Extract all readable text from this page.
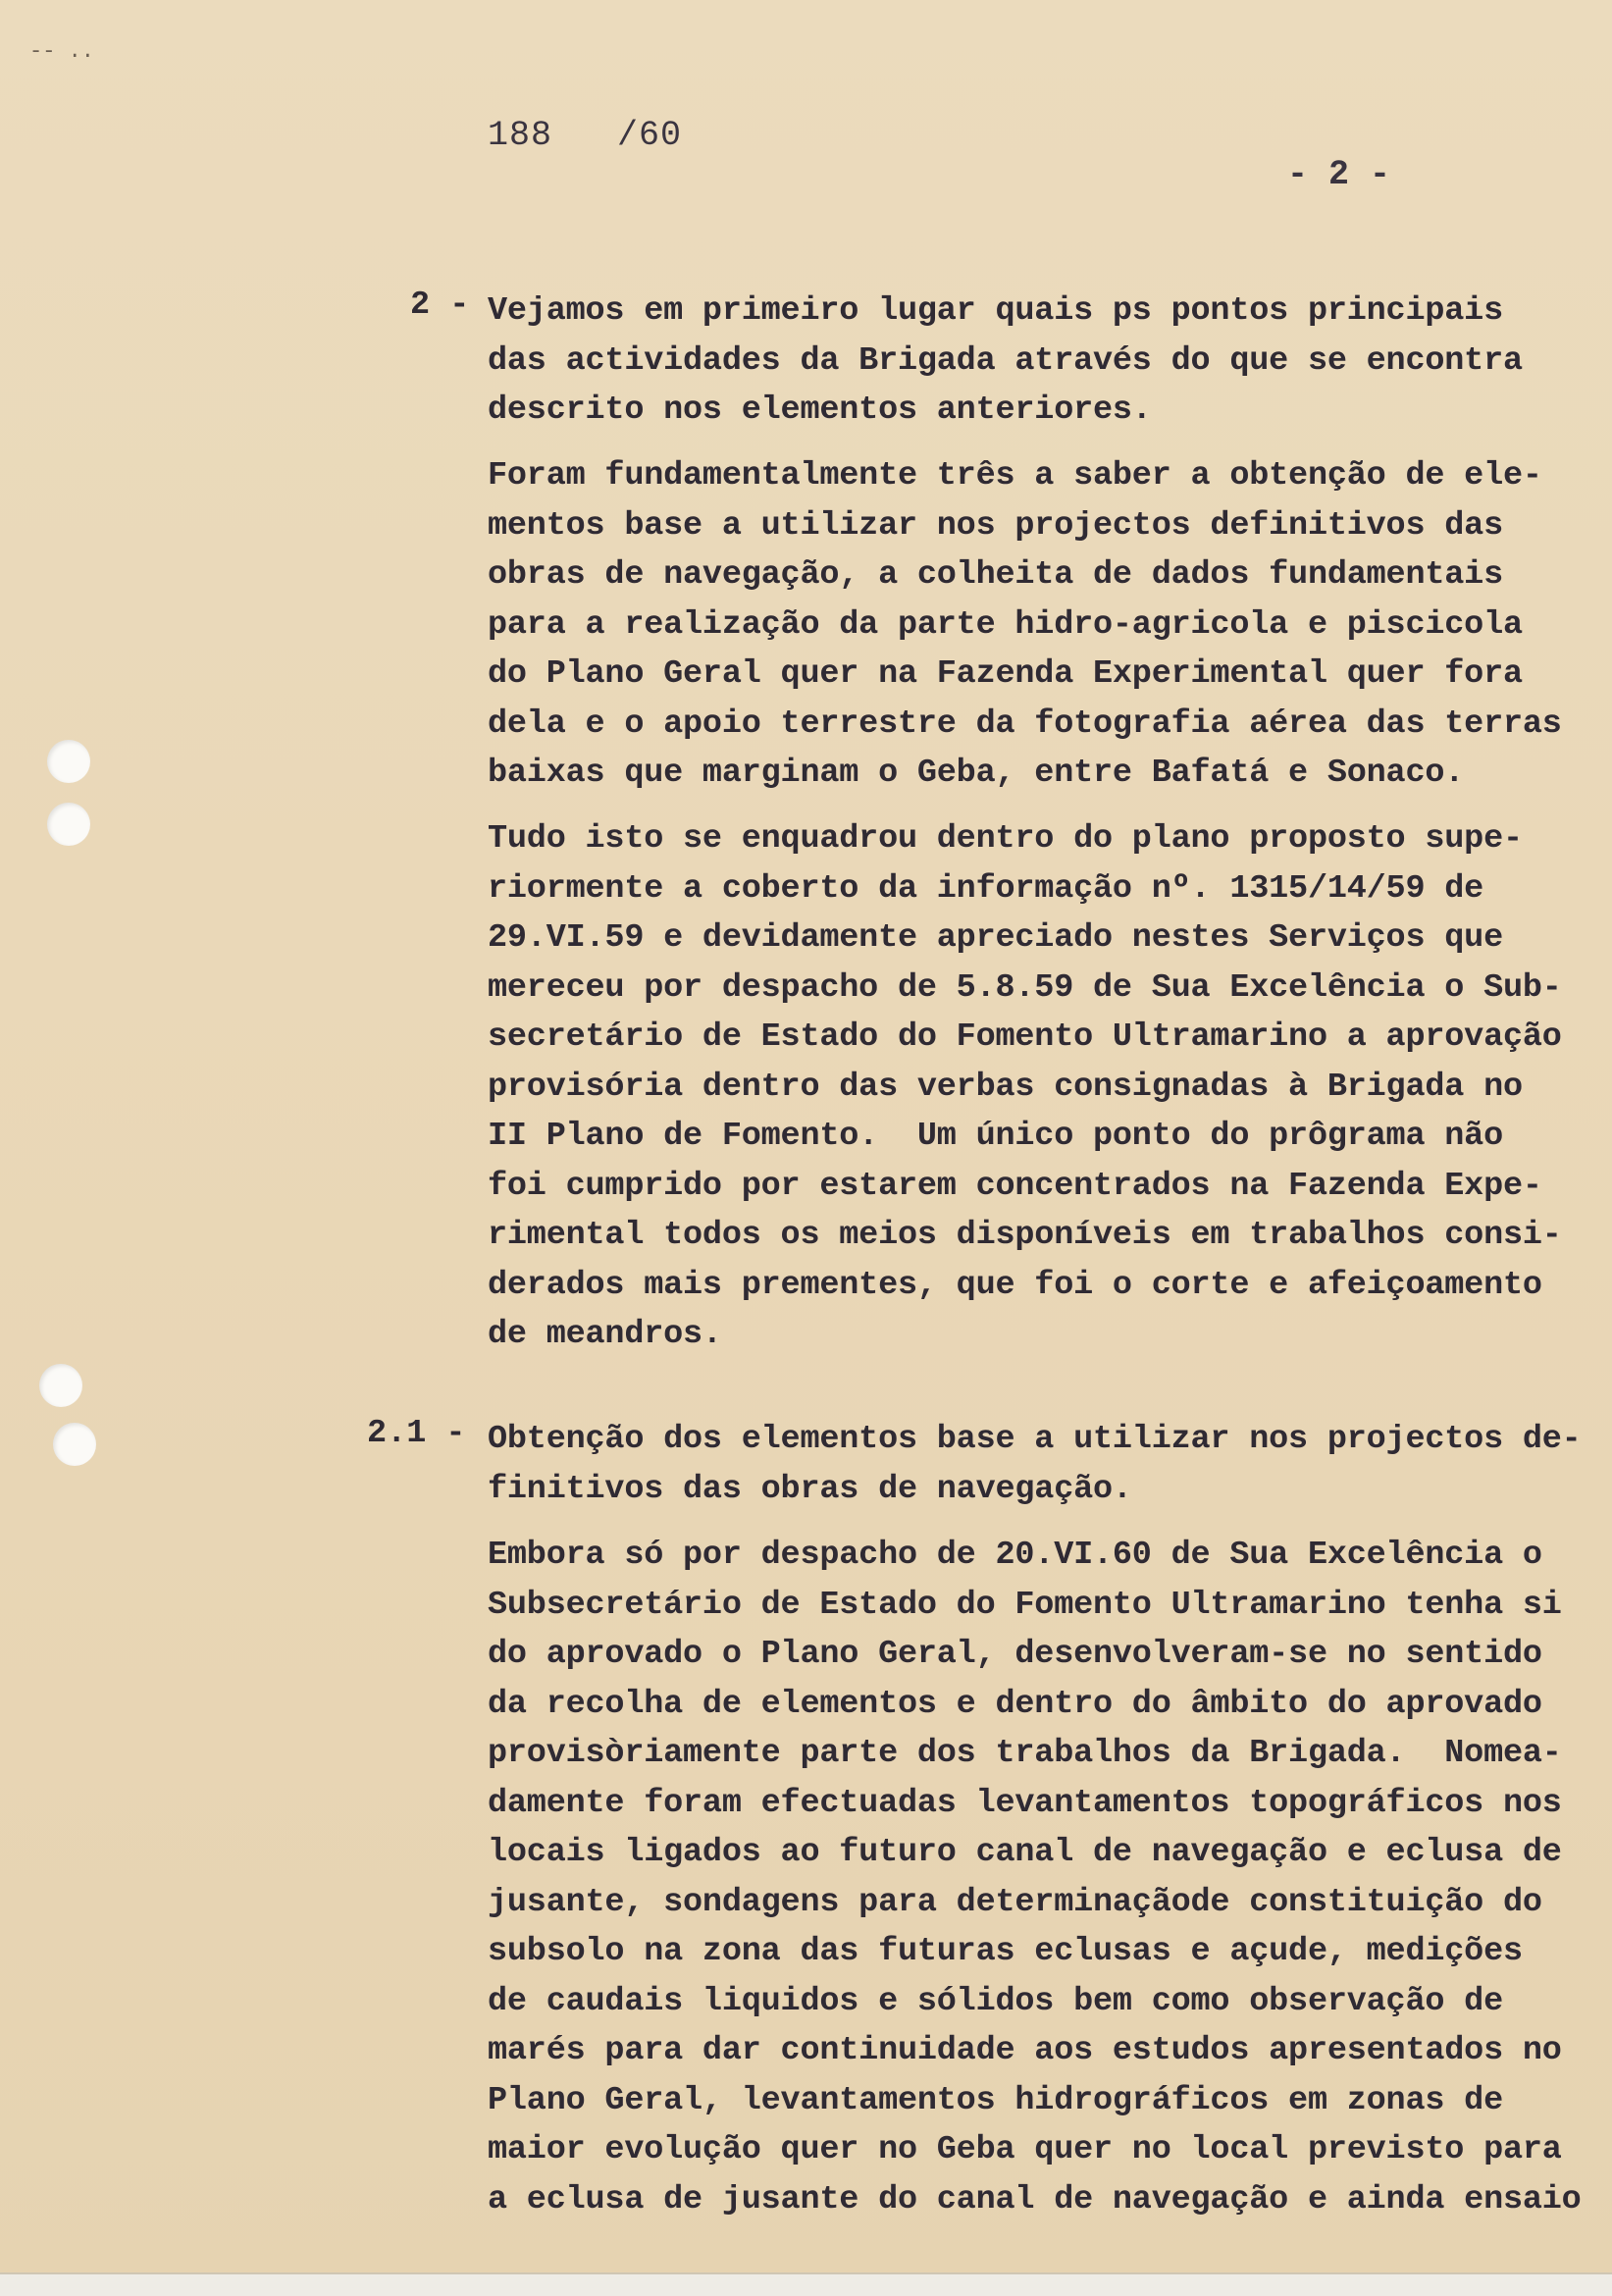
-- ..
188   /60
- 2 -
2 - Vejamos em primeiro lugar quais ps pontos principais
das actividades da Brigada através do que se encontra
descrito nos elementos anteriores.
Foram fundamentalmente três a saber a obtenção de ele-
mentos base a utilizar nos projectos definitivos das
obras de navegação, a colheita de dados fundamentais
para a realização da parte hidro-agricola e piscicola
do Plano Geral quer na Fazenda Experimental quer fora
dela e o apoio terrestre da fotografia aérea das terras
baixas que marginam o Geba, entre Bafatá e Sonaco.
Tudo isto se enquadrou dentro do plano proposto supe-
riormente a coberto da informação nº. 1315/14/59 de
29.VI.59 e devidamente apreciado nestes Serviços que
mereceu por despacho de 5.8.59 de Sua Excelência o Sub-
secretário de Estado do Fomento Ultramarino a aprovação
provisória dentro das verbas consignadas à Brigada no
II Plano de Fomento.  Um único ponto do prôgrama não
foi cumprido por estarem concentrados na Fazenda Expe-
rimental todos os meios disponíveis em trabalhos consi-
derados mais prementes, que foi o corte e afeiçoamento
de meandros.
2.1 - Obtenção dos elementos base a utilizar nos projectos de-
finitivos das obras de navegação.
Embora só por despacho de 20.VI.60 de Sua Excelência o
Subsecretário de Estado do Fomento Ultramarino tenha si
do aprovado o Plano Geral, desenvolveram-se no sentido
da recolha de elementos e dentro do âmbito do aprovado
provisòriamente parte dos trabalhos da Brigada.  Nomea-
damente foram efectuadas levantamentos topográficos nos
locais ligados ao futuro canal de navegação e eclusa de
jusante, sondagens para determinaçãode constituição do
subsolo na zona das futuras eclusas e açude, medições
de caudais liquidos e sólidos bem como observação de
marés para dar continuidade aos estudos apresentados no
Plano Geral, levantamentos hidrográficos em zonas de
maior evolução quer no Geba quer no local previsto para
a eclusa de jusante do canal de navegação e ainda ensaio
